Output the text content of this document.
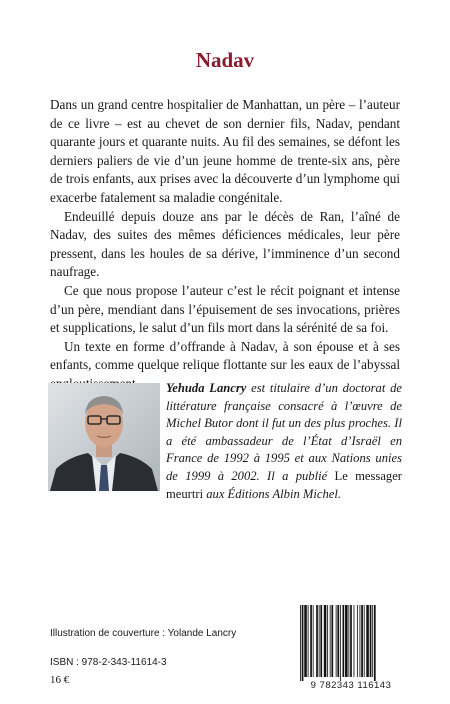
Nadav

Dans un grand centre hospitalier de Manhattan, un père – l’auteur de ce livre – est au chevet de son dernier fils, Nadav, pendant quarante jours et quarante nuits. Au fil des semaines, se défont les derniers paliers de vie d’un jeune homme de trente-six ans, père de trois enfants, aux prises avec la découverte d’un lymphome qui exacerbe fatalement sa maladie congénitale.

Endeuillé depuis douze ans par le décès de Ran, l’aîné de Nadav, des suites des mêmes déficiences médicales, leur père pressent, dans les houles de sa dérive, l’imminence d’un second naufrage.

Ce que nous propose l’auteur c’est le récit poignant et intense d’un père, mendiant dans l’épuisement de ses invocations, prières et supplications, le salut d’un fils mort dans la sérénité de sa foi.

Un texte en forme d’offrande à Nadav, à son épouse et à ses enfants, comme quelque relique flottante sur les eaux de l’abyssal

Yehuda Lancry est titulaire d’un doctorat de littérature française consacré à l’œuvre de Michel Butor dont il fut un des plus proches. Il a été ambassadeur de l’État d’Israël en France de 1992 à 1995 et aux Nations unies de 1999 à 2002. Il a publié Le messager meurtri aux Éditions Albin Michel.
Illustration de couverture : Yolande Lancry
ISBN : 978-2-343-11614-3
16 €	9 782343 116143
